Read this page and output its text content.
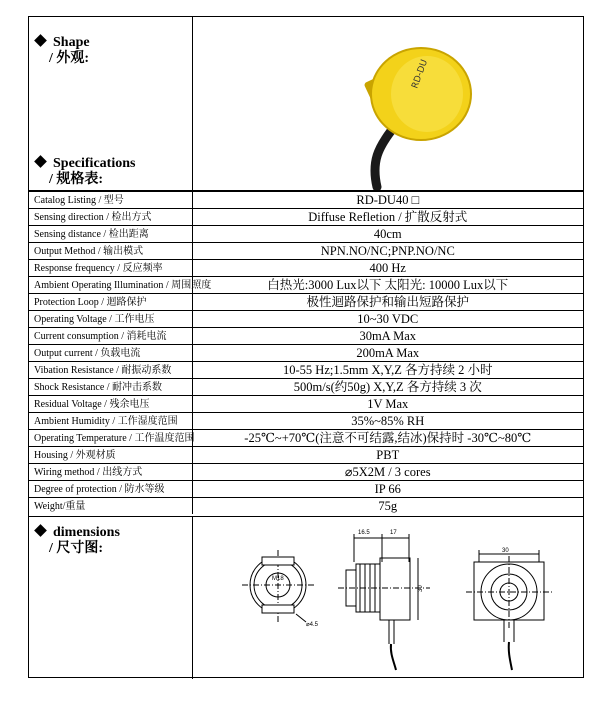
Shape
/ 外观:	RD-DU
Specifications
/ 规格表:
Catalog Listing / 型号	RD-DU40 □
Sensing direction / 检出方式	Diffuse Refletion / 扩散反射式
Sensing distance / 检出距离	40cm
Output Method / 输出模式	NPN.NO/NC;PNP.NO/NC
Response frequency / 反应频率	400 Hz
Ambient Operating Illumination / 周围照度	白热光:3000 Lux以下 太阳光: 10000 Lux以下
Protection Loop / 迴路保护	极性迴路保护和输出短路保护
Operating Voltage / 工作电压	10~30 VDC
Current consumption / 消耗电流	30mA Max
Output current / 负载电流	200mA Max
Vibation Resistance / 耐振动系数	10-55 Hz;1.5mm X,Y,Z 各方持续 2 小时
Shock Resistance / 耐冲击系数	500m/s(约50g) X,Y,Z 各方持续 3 次
Residual Voltage / 残余电压	1V Max
Ambient Humidity / 工作湿度范围	35%~85% RH
Operating Temperature / 工作温度范围	-25℃~+70℃(注意不可结露,结冰)保持时 -30℃~80℃
Housing / 外观材质	PBT
Wiring method / 出线方式	⌀5X2M / 3 cores
Degree of protection / 防水等级	IP 66
Weight/重量	75g
dimensions
/ 尺寸图:
M18
⌀4.5
16.5	17
30
30
